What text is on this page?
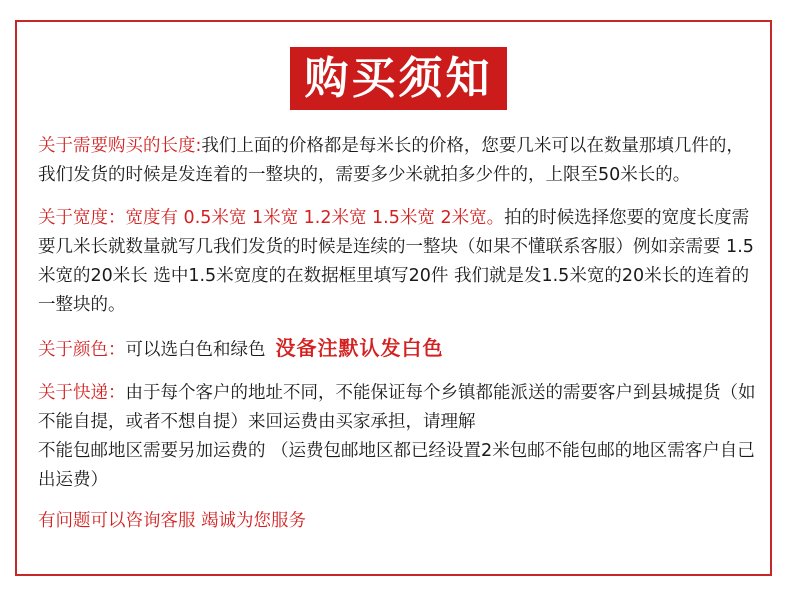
购买须知
关于需要购买的长度:我们上面的价格都是每米长的价格，您要几米可以在数量那填几件的，我们发货的时候是发连着的一整块的，需要多少米就拍多少件的，上限至50米长的。
关于宽度：宽度有 0.5米宽 1米宽 1.2米宽 1.5米宽 2米宽。拍的时候选择您要的宽度长度需要几米长就数量就写几我们发货的时候是连续的一整块（如果不懂联系客服）例如亲需要 1.5米宽的20米长 选中1.5米宽度的在数据框里填写20件 我们就是发1.5米宽的20米长的连着的一整块的。
关于颜色：可以选白色和绿色 没备注默认发白色
关于快递：由于每个客户的地址不同，不能保证每个乡镇都能派送的需要客户到县城提货（如不能自提，或者不想自提）来回运费由买家承担，请理解
不能包邮地区需要另加运费的 （运费包邮地区都已经设置2米包邮不能包邮的地区需客户自己出运费）
有问题可以咨询客服 竭诚为您服务
